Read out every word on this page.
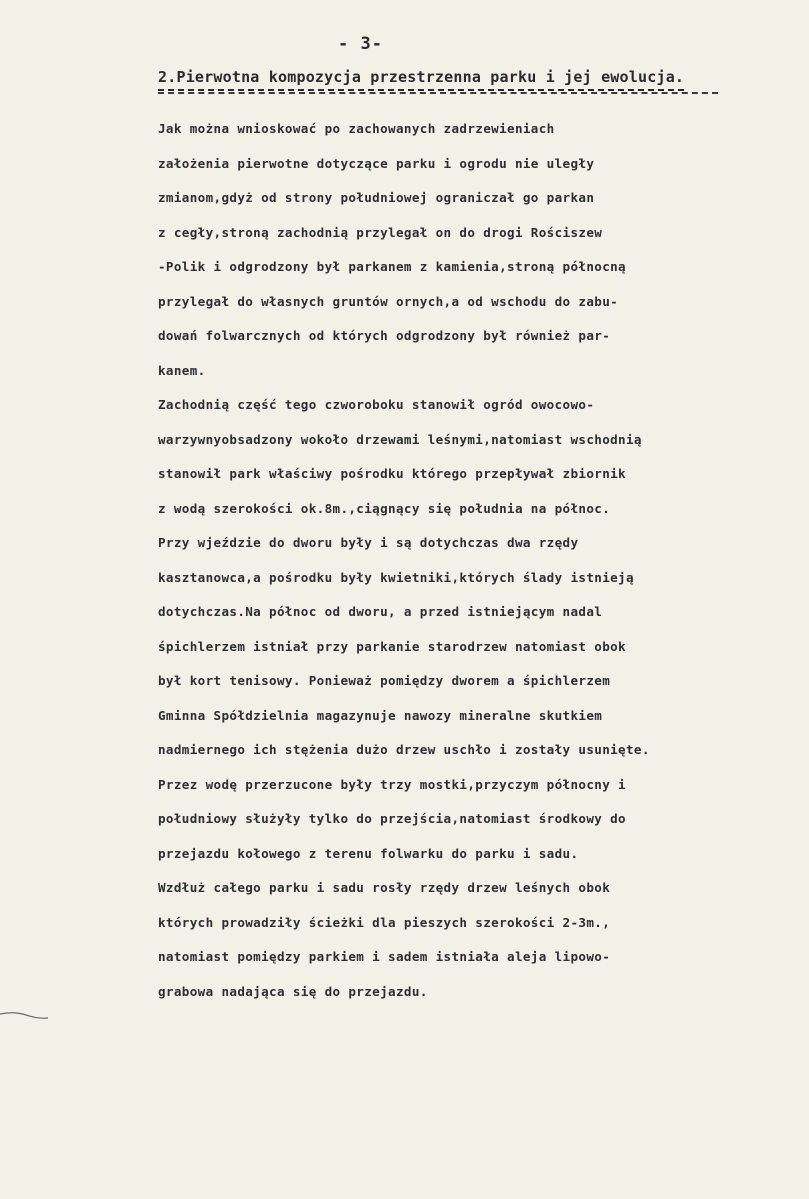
- 3-
2.Pierwotna kompozycja przestrzenna parku i jej ewolucja.
Jak można wnioskować po zachowanych zadrzewieniach
założenia pierwotne dotyczące parku i ogrodu nie uległy
zmianom,gdyż od strony południowej ograniczał go parkan
z cegły,stroną zachodnią przylegał on do drogi Rościszew
-Polik i odgrodzony był parkanem z kamienia,stroną północną
przylegał do własnych gruntów ornych,a od wschodu do zabu-
dowań folwarcznych od których odgrodzony był również par-
kanem.
Zachodnią część tego czworoboku stanowił ogród owocowo-
warzywnyobsadzony wokoło drzewami leśnymi,natomiast wschodnią
stanowił park właściwy pośrodku którego przepływał zbiornik
z wodą szerokości ok.8m.,ciągnący się południa na północ.
Przy wjeździe do dworu były i są dotychczas dwa rzędy
kasztanowca,a pośrodku były kwietniki,których ślady istnieją
dotychczas.Na północ od dworu, a przed istniejącym nadal
śpichlerzem istniał przy parkanie starodrzew natomiast obok
był kort tenisowy. Ponieważ pomiędzy dworem a śpichlerzem
Gminna Spółdzielnia magazynuje nawozy mineralne skutkiem
nadmiernego ich stężenia dużo drzew uschło i zostały usunięte.
Przez wodę przerzucone były trzy mostki,przyczym północny i
południowy służyły tylko do przejścia,natomiast środkowy do
przejazdu kołowego z terenu folwarku do parku i sadu.
Wzdłuż całego parku i sadu rosły rzędy drzew leśnych obok
których prowadziły ścieżki dla pieszych szerokości 2-3m.,
natomiast pomiędzy parkiem i sadem istniała aleja lipowo-
grabowa nadająca się do przejazdu.
